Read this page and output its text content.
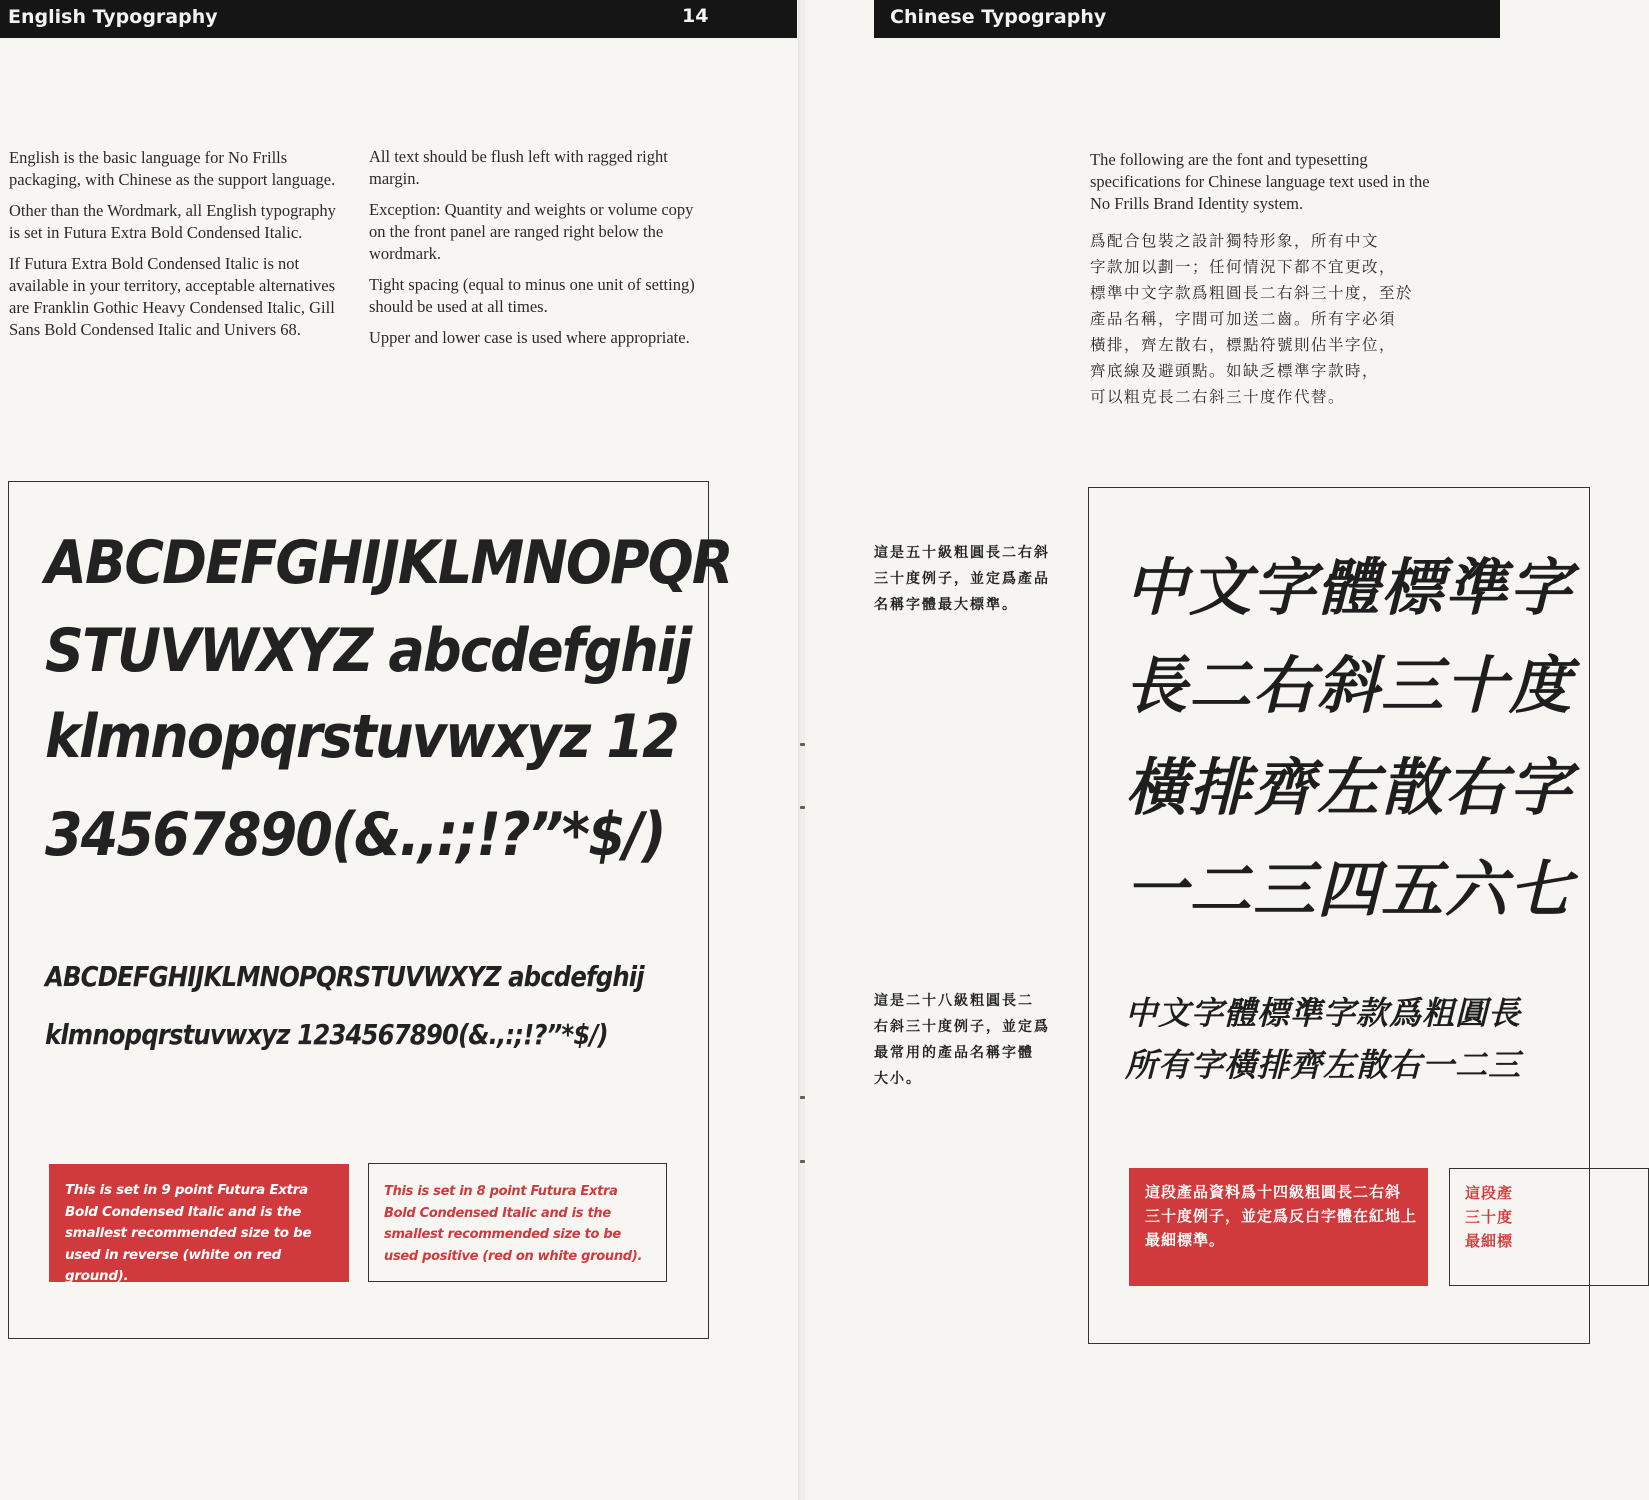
English Typography	14

English is the basic language for No Frills packaging, with Chinese as the support language.

Other than the Wordmark, all English typography is set in Futura Extra Bold Condensed Italic.

If Futura Extra Bold Condensed Italic is not available in your territory, acceptable alternatives are Franklin Gothic Heavy Condensed Italic, Gill Sans Bold Condensed Italic and Univers 68.

All text should be flush left with ragged right margin.

Exception: Quantity and weights or volume copy on the front panel are ranged right below the wordmark.

Tight spacing (equal to minus one unit of setting) should be used at all times.

Upper and lower case is used where appropriate.

ABCDEFGHIJKLMNOPQR
STUVWXYZ abcdefghij
klmnopqrstuvwxyz 12
34567890(&.,:;!?”*$/)
ABCDEFGHIJKLMNOPQRSTUVWXYZ abcdefghij
klmnopqrstuvwxyz 1234567890(&.,:;!?”*$/)
This is set in 9 point Futura Extra Bold Condensed Italic and is the smallest recommended size to be used in reverse (white on red ground).
This is set in 8 point Futura Extra Bold Condensed Italic and is the smallest recommended size to be used positive (red on white ground).
Chinese Typography

The following are the font and typesetting specifications for Chinese language text used in the No Frills Brand Identity system.

爲配合包裝之設計獨特形象，所有中文
字款加以劃一；任何情況下都不宜更改，
標準中文字款爲粗圓長二右斜三十度，至於
產品名稱，字間可加送二齒。所有字必須
橫排，齊左散右，標點符號則佔半字位，
齊底線及避頭點。如缺乏標準字款時，
可以粗克長二右斜三十度作代替。
這是五十級粗圓長二右斜
三十度例子，並定爲產品
名稱字體最大標準。
這是二十八級粗圓長二
右斜三十度例子，並定爲
最常用的產品名稱字體
大小。
中文字體標準字
長二右斜三十度
橫排齊左散右字
一二三四五六七
中文字體標準字款爲粗圓長
所有字橫排齊左散右一二三
這段產品資料爲十四級粗圓長二右斜
三十度例子，並定爲反白字體在紅地上
最細標準。
這段產
三十度
最細標
